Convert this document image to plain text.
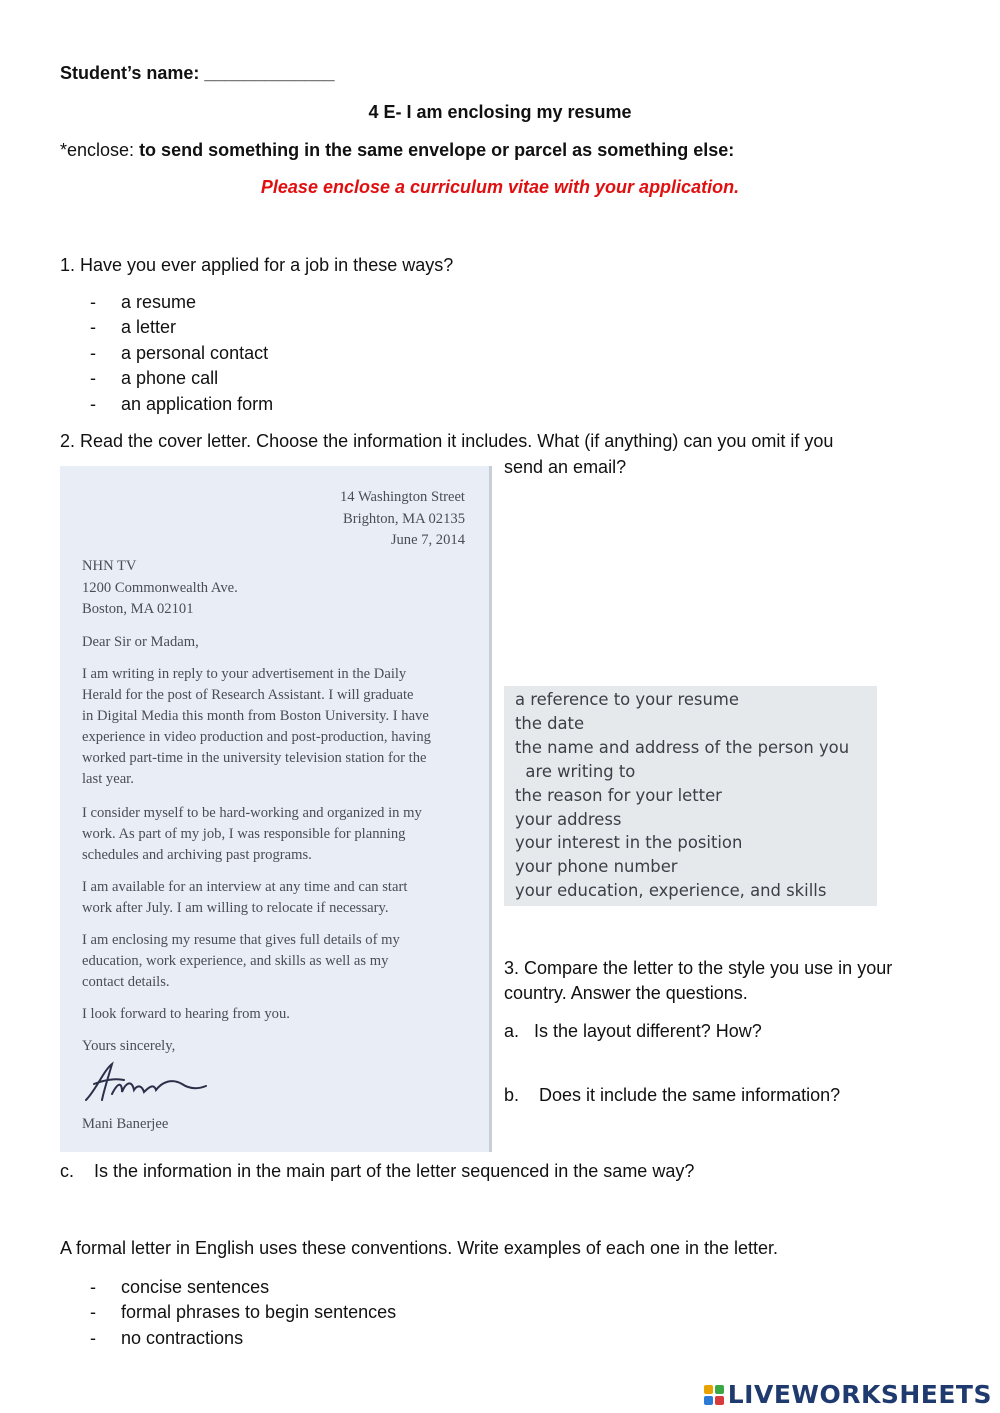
Student’s name: _____________
4 E- I am enclosing my resume
*enclose: to send something in the same envelope or parcel as something else:
Please enclose a curriculum vitae with your application.
1. Have you ever applied for a job in these ways?
- a resume
- a letter
- a personal contact
- a phone call
- an application form
2. Read the cover letter. Choose the information it includes. What (if anything) can you omit if you
send an email?
14 Washington Street
Brighton, MA 02135
June 7, 2014
NHN TV
1200 Commonwealth Ave.
Boston, MA 02101
Dear Sir or Madam,
I am writing in reply to your advertisement in the Daily
Herald for the post of Research Assistant. I will graduate
in Digital Media this month from Boston University. I have
experience in video production and post-production, having
worked part-time in the university television station for the
last year.
I consider myself to be hard-working and organized in my
work. As part of my job, I was responsible for planning
schedules and archiving past programs.
I am available for an interview at any time and can start
work after July. I am willing to relocate if necessary.
I am enclosing my resume that gives full details of my
education, work experience, and skills as well as my
contact details.
I look forward to hearing from you.
Yours sincerely,
Mani Banerjee
a reference to your resume
the date
the name and address of the person you
are writing to
the reason for your letter
your address
your interest in the position
your phone number
your education, experience, and skills
3. Compare the letter to the style you use in your
country. Answer the questions.
a.   Is the layout different? How?
b.    Does it include the same information?
c.    Is the information in the main part of the letter sequenced in the same way?
A formal letter in English uses these conventions. Write examples of each one in the letter.
- concise sentences
- formal phrases to begin sentences
- no contractions
LIVEWORKSHEETS
